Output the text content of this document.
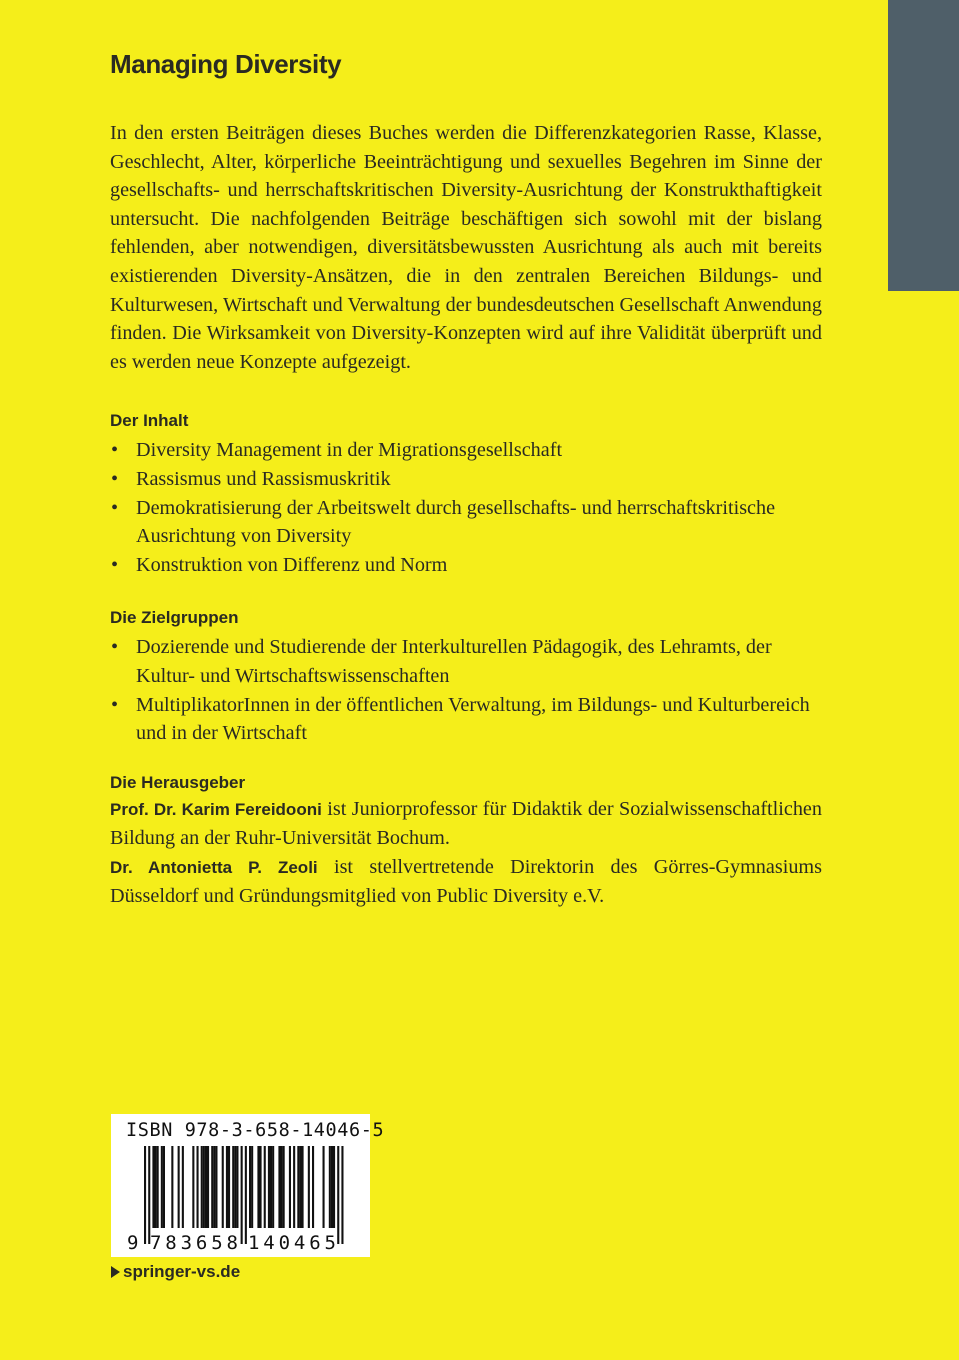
Managing Diversity

In den ersten Beiträgen dieses Buches werden die Differenzkategorien Rasse, Klasse, Geschlecht, Alter, körperliche Beeinträchtigung und sexuelles Begehren im Sinne der gesellschafts- und herrschaftskritischen Diversity-Ausrichtung der Konstrukthaftigkeit untersucht. Die nachfolgenden Beiträge beschäftigen sich sowohl mit der bislang fehlenden, aber notwendigen, diversitätsbewussten Ausrichtung als auch mit bereits existierenden Diversity-Ansätzen, die in den zentralen Bereichen Bildungs- und Kulturwesen, Wirtschaft und Verwaltung der bundesdeutschen Gesellschaft Anwendung finden. Die Wirksamkeit von Diversity-Konzepten wird auf ihre Validität überprüft und es werden neue Konzepte aufgezeigt.

Der Inhalt
• Diversity Management in der Migrationsgesellschaft
• Rassismus und Rassismuskritik
• Demokratisierung der Arbeitswelt durch gesellschafts- und herrschaftskritische Ausrichtung von Diversity
• Konstruktion von Differenz und Norm
Die Zielgruppen
• Dozierende und Studierende der Interkulturellen Pädagogik, des Lehramts, der Kultur- und Wirtschaftswissenschaften
• MultiplikatorInnen in der öffentlichen Verwaltung, im Bildungs- und Kulturbereich und in der Wirtschaft
Die Herausgeber

Prof. Dr. Karim Fereidooni ist Juniorprofessor für Didaktik der Sozialwissenschaftlichen Bildung an der Ruhr-Universität Bochum.

Dr. Antonietta P. Zeoli ist stellvertretende Direktorin des Görres-Gymnasiums Düsseldorf und Gründungsmitglied von Public Diversity e.V.

ISBN 978-3-658-14046-5
9 783658 140465
springer-vs.de
